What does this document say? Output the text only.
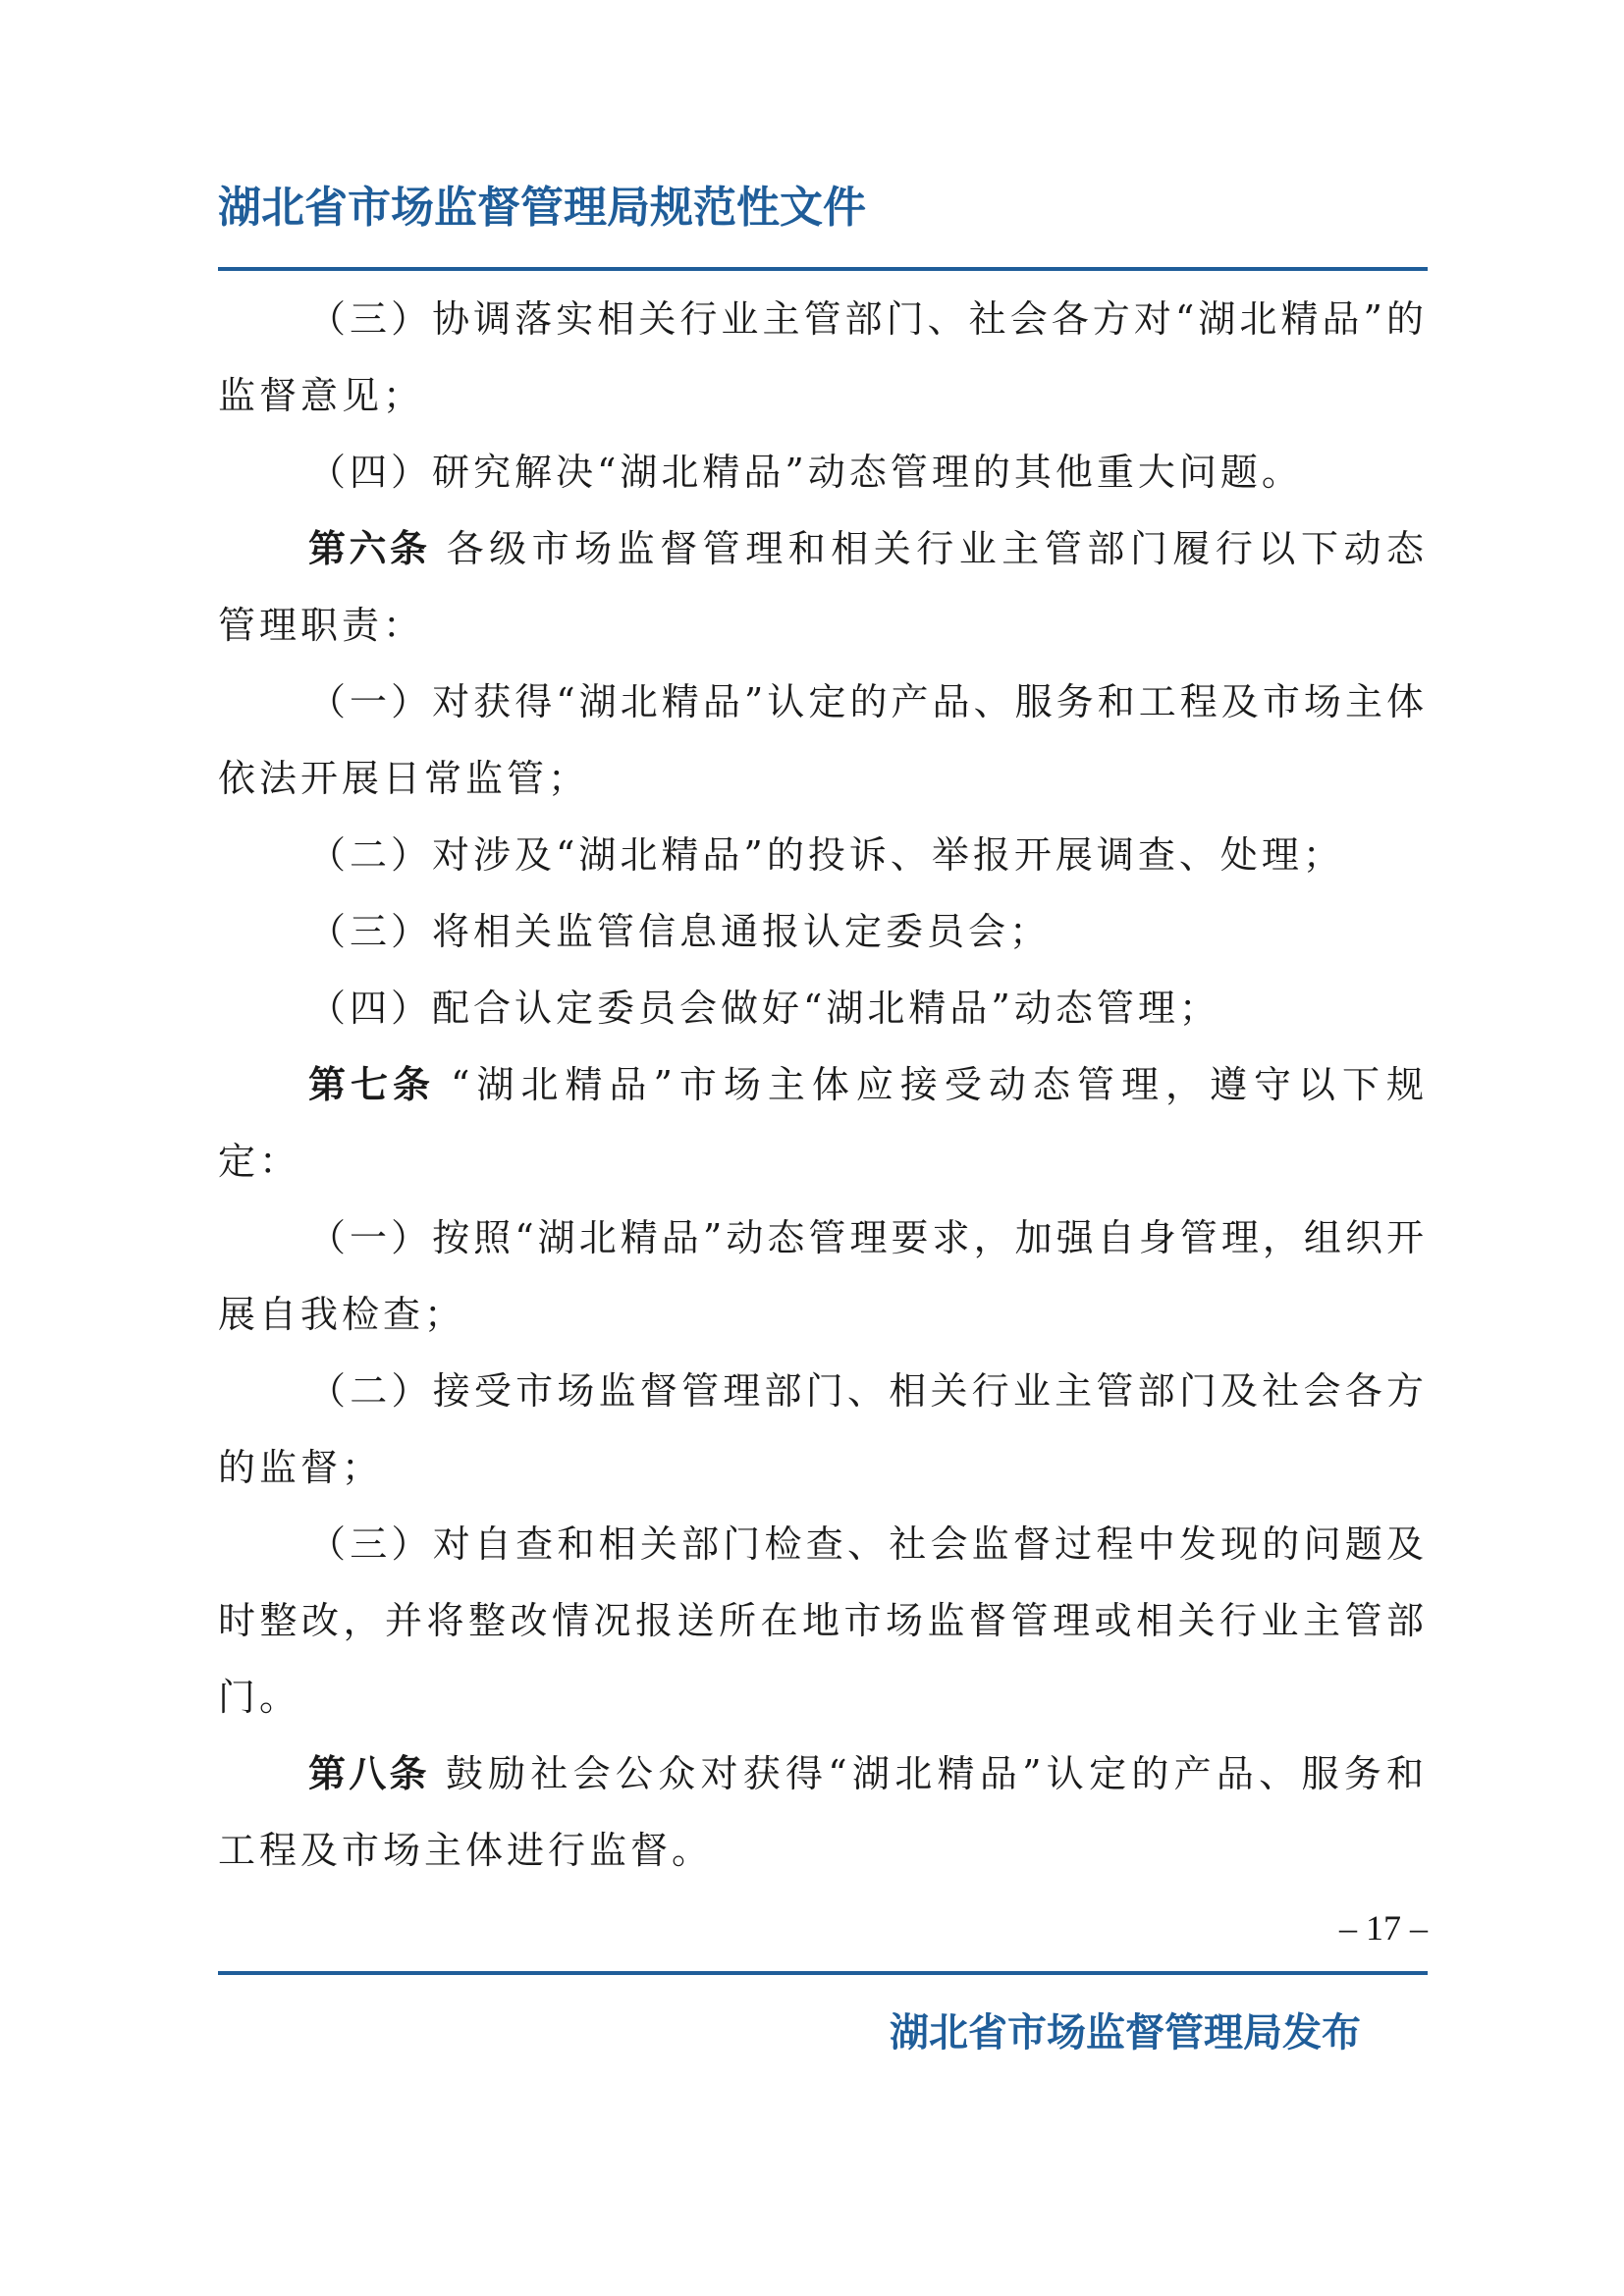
湖北省市场监督管理局规范性文件

（三）协调落实相关行业主管部门、社会各方对“湖北精品”的监督意见；

（四）研究解决“湖北精品”动态管理的其他重大问题。

第六条 各级市场监督管理和相关行业主管部门履行以下动态管理职责：

（一）对获得“湖北精品”认定的产品、服务和工程及市场主体依法开展日常监管；

（二）对涉及“湖北精品”的投诉、举报开展调查、处理；

（三）将相关监管信息通报认定委员会；

（四）配合认定委员会做好“湖北精品”动态管理；

第七条 “湖北精品”市场主体应接受动态管理，遵守以下规定：

（一）按照“湖北精品”动态管理要求，加强自身管理，组织开展自我检查；

（二）接受市场监督管理部门、相关行业主管部门及社会各方的监督；

（三）对自查和相关部门检查、社会监督过程中发现的问题及时整改，并将整改情况报送所在地市场监督管理或相关行业主管部门。

第八条 鼓励社会公众对获得“湖北精品”认定的产品、服务和工程及市场主体进行监督。

– 17 –
湖北省市场监督管理局发布
